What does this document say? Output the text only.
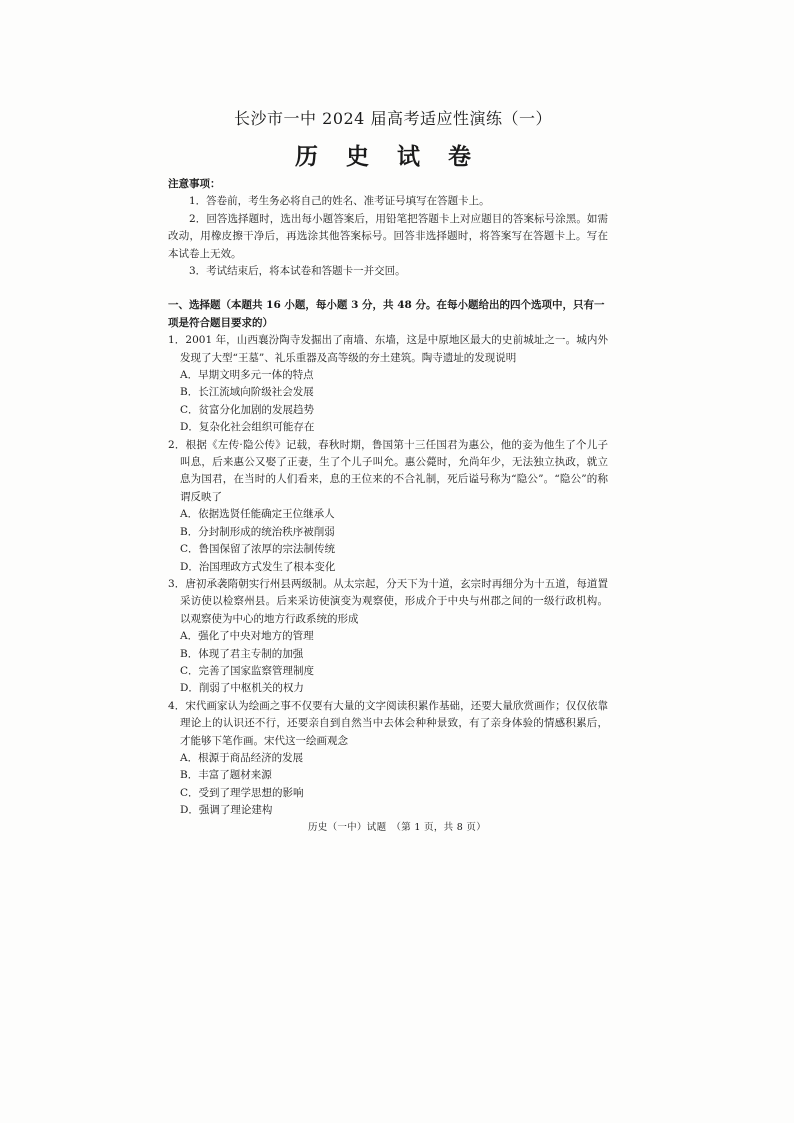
长沙市一中 2024 届高考适应性演练（一）
历 史 试 卷
注意事项：

1．答卷前，考生务必将自己的姓名、准考证号填写在答题卡上。

2．回答选择题时，选出每小题答案后，用铅笔把答题卡上对应题目的答案标号涂黑。如需改动，用橡皮擦干净后，再选涂其他答案标号。回答非选择题时，将答案写在答题卡上。写在本试卷上无效。

3．考试结束后，将本试卷和答题卡一并交回。

一、选择题（本题共 16 小题，每小题 3 分，共 48 分。在每小题给出的四个选项中，只有一项是符合题目要求的）

1．2001 年，山西襄汾陶寺发掘出了南墙、东墙，这是中原地区最大的史前城址之一。城内外发现了大型“王墓”、礼乐重器及高等级的夯土建筑。陶寺遗址的发现说明

A．早期文明多元一体的特点

B．长江流域向阶级社会发展

C．贫富分化加剧的发展趋势

D．复杂化社会组织可能存在

2．根据《左传·隐公传》记载，春秋时期，鲁国第十三任国君为惠公，他的妾为他生了个儿子叫息，后来惠公又娶了正妻，生了个儿子叫允。惠公薨时，允尚年少，无法独立执政，就立息为国君，在当时的人们看来，息的王位来的不合礼制，死后谥号称为“隐公”。“隐公”的称谓反映了

A．依据选贤任能确定王位继承人

B．分封制形成的统治秩序被削弱

C．鲁国保留了浓厚的宗法制传统

D．治国理政方式发生了根本变化

3．唐初承袭隋朝实行州县两级制。从太宗起，分天下为十道，玄宗时再细分为十五道，每道置采访使以检察州县。后来采访使演变为观察使，形成介于中央与州郡之间的一级行政机构。以观察使为中心的地方行政系统的形成

A．强化了中央对地方的管理

B．体现了君主专制的加强

C．完善了国家监察管理制度

D．削弱了中枢机关的权力

4．宋代画家认为绘画之事不仅要有大量的文字阅读积累作基础，还要大量欣赏画作；仅仅依靠理论上的认识还不行，还要亲自到自然当中去体会种种景致，有了亲身体验的情感积累后，才能够下笔作画。宋代这一绘画观念

A．根源于商品经济的发展

B．丰富了题材来源

C．受到了理学思想的影响

D．强调了理论建构

历史（一中）试题　（第 1 页，共 8 页）
